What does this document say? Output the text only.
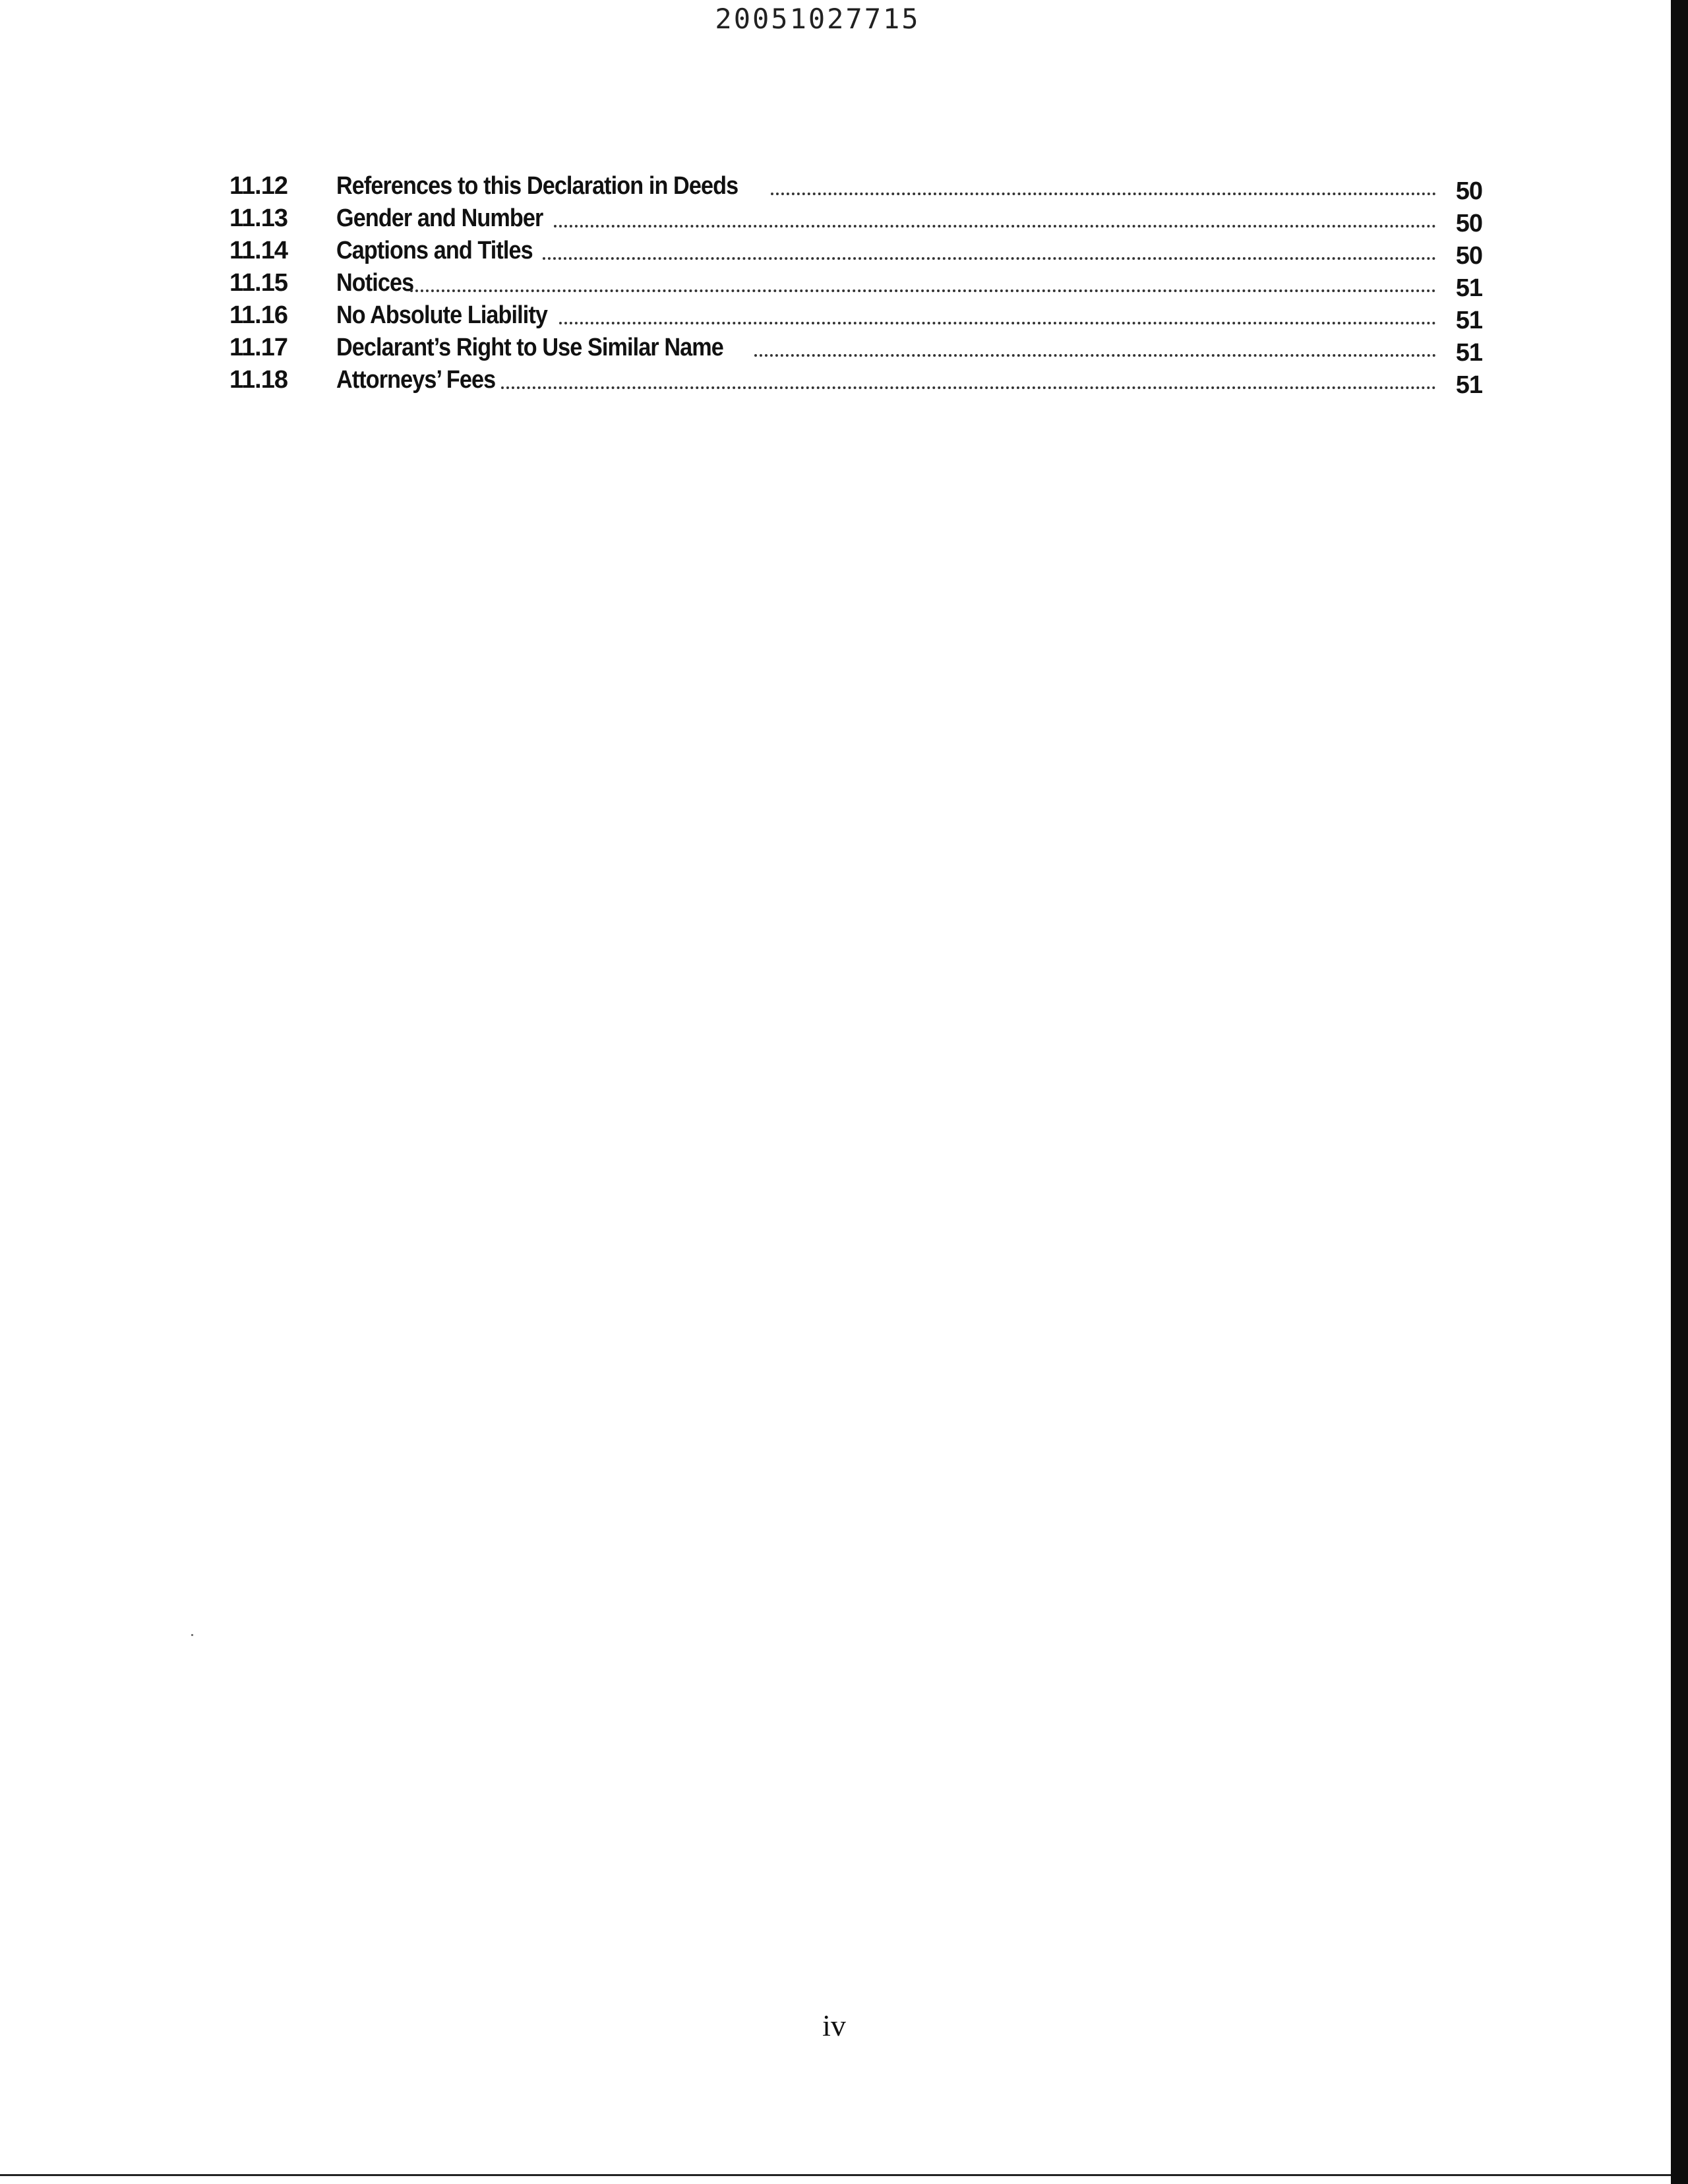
20051027715
11.12	References to this Declaration in Deeds	50
11.13	Gender and Number	50
11.14	Captions and Titles	50
11.15	Notices	51
11.16	No Absolute Liability	51
11.17	Declarant’s Right to Use Similar Name	51
11.18	Attorneys’ Fees	51
iv
